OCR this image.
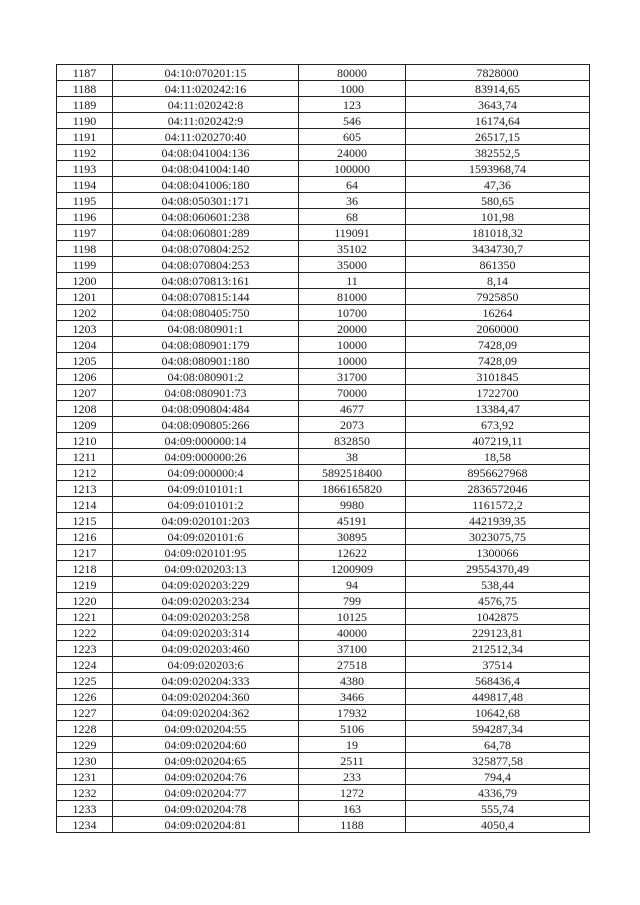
1187	04:10:070201:15	80000	7828000
1188	04:11:020242:16	1000	83914,65
1189	04:11:020242:8	123	3643,74
1190	04:11:020242:9	546	16174,64
1191	04:11:020270:40	605	26517,15
1192	04:08:041004:136	24000	382552,5
1193	04:08:041004:140	100000	1593968,74
1194	04:08:041006:180	64	47,36
1195	04:08:050301:171	36	580,65
1196	04:08:060601:238	68	101,98
1197	04:08:060801:289	119091	181018,32
1198	04:08:070804:252	35102	3434730,7
1199	04:08:070804:253	35000	861350
1200	04:08:070813:161	11	8,14
1201	04:08:070815:144	81000	7925850
1202	04:08:080405:750	10700	16264
1203	04:08:080901:1	20000	2060000
1204	04:08:080901:179	10000	7428,09
1205	04:08:080901:180	10000	7428,09
1206	04:08:080901:2	31700	3101845
1207	04:08:080901:73	70000	1722700
1208	04:08:090804:484	4677	13384,47
1209	04:08:090805:266	2073	673,92
1210	04:09:000000:14	832850	407219,11
1211	04:09:000000:26	38	18,58
1212	04:09:000000:4	5892518400	8956627968
1213	04:09:010101:1	1866165820	2836572046
1214	04:09:010101:2	9980	1161572,2
1215	04:09:020101:203	45191	4421939,35
1216	04:09:020101:6	30895	3023075,75
1217	04:09:020101:95	12622	1300066
1218	04:09:020203:13	1200909	29554370,49
1219	04:09:020203:229	94	538,44
1220	04:09:020203:234	799	4576,75
1221	04:09:020203:258	10125	1042875
1222	04:09:020203:314	40000	229123,81
1223	04:09:020203:460	37100	212512,34
1224	04:09:020203:6	27518	37514
1225	04:09:020204:333	4380	568436,4
1226	04:09:020204:360	3466	449817,48
1227	04:09:020204:362	17932	10642,68
1228	04:09:020204:55	5106	594287,34
1229	04:09:020204:60	19	64,78
1230	04:09:020204:65	2511	325877,58
1231	04:09:020204:76	233	794,4
1232	04:09:020204:77	1272	4336,79
1233	04:09:020204:78	163	555,74
1234	04:09:020204:81	1188	4050,4
